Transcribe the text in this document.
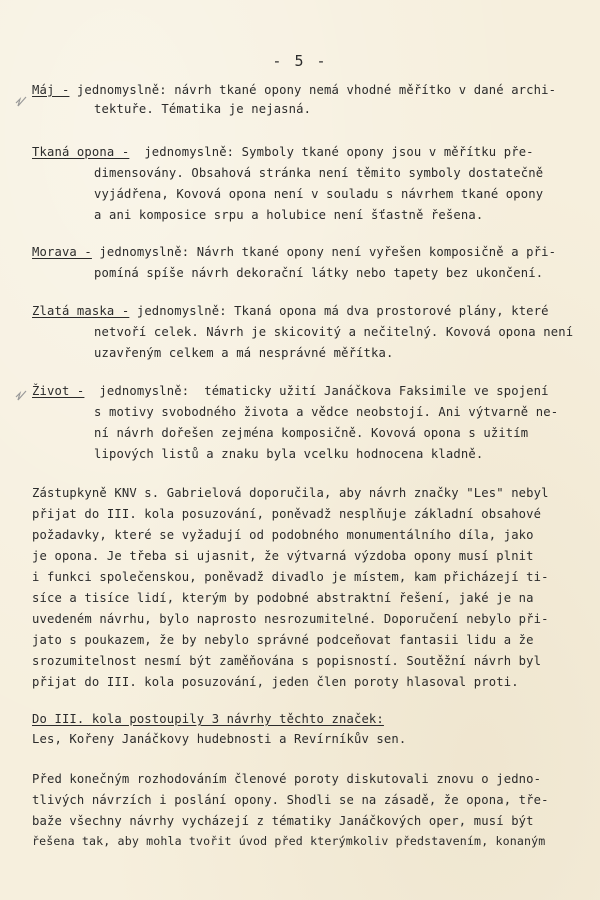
- 5 -
Máj - jednomyslně: návrh tkané opony nemá vhodné měřítko v dané archi-
tektuře. Tématika je nejasná.
Tkaná opona -  jednomyslně: Symboly tkané opony jsou v měřítku pře-
dimensovány. Obsahová stránka není těmito symboly dostatečně
vyjádřena, Kovová opona není v souladu s návrhem tkané opony
a ani komposice srpu a holubice není šťastně řešena.
Morava - jednomyslně: Návrh tkané opony není vyřešen komposičně a při-
pomíná spíše návrh dekorační látky nebo tapety bez ukončení.
Zlatá maska - jednomyslně: Tkaná opona má dva prostorové plány, které
netvoří celek. Návrh je skicovitý a nečitelný. Kovová opona není
uzavřeným celkem a má nesprávné měřítka.
Život -  jednomyslně:  tématicky užití Janáčkova Faksimile ve spojení
s motivy svobodného života a vědce neobstojí. Ani výtvarně ne-
ní návrh dořešen zejména komposičně. Kovová opona s užitím
lipových listů a znaku byla vcelku hodnocena kladně.
Zástupkyně KNV s. Gabrielová doporučila, aby návrh značky "Les" nebyl
přijat do III. kola posuzování, poněvadž nesplňuje základní obsahové
požadavky, které se vyžadují od podobného monumentálního díla, jako
je opona. Je třeba si ujasnit, že výtvarná výzdoba opony musí plnit
i funkci společenskou, poněvadž divadlo je místem, kam přicházejí ti-
síce a tisíce lidí, kterým by podobné abstraktní řešení, jaké je na
uvedeném návrhu, bylo naprosto nesrozumitelné. Doporučení nebylo při-
jato s poukazem, že by nebylo správné podceňovat fantasii lidu a že
srozumitelnost nesmí být zaměňována s popisností. Soutěžní návrh byl
přijat do III. kola posuzování, jeden člen poroty hlasoval proti.
Do III. kola postoupily 3 návrhy těchto značek:
Les, Kořeny Janáčkovy hudebnosti a Revírníkův sen.
Před konečným rozhodováním členové poroty diskutovali znovu o jedno-
tlivých návrzích i poslání opony. Shodli se na zásadě, že opona, tře-
baže všechny návrhy vycházejí z tématiky Janáčkových oper, musí být
řešena tak, aby mohla tvořit úvod před kterýmkoliv představením, konaným
